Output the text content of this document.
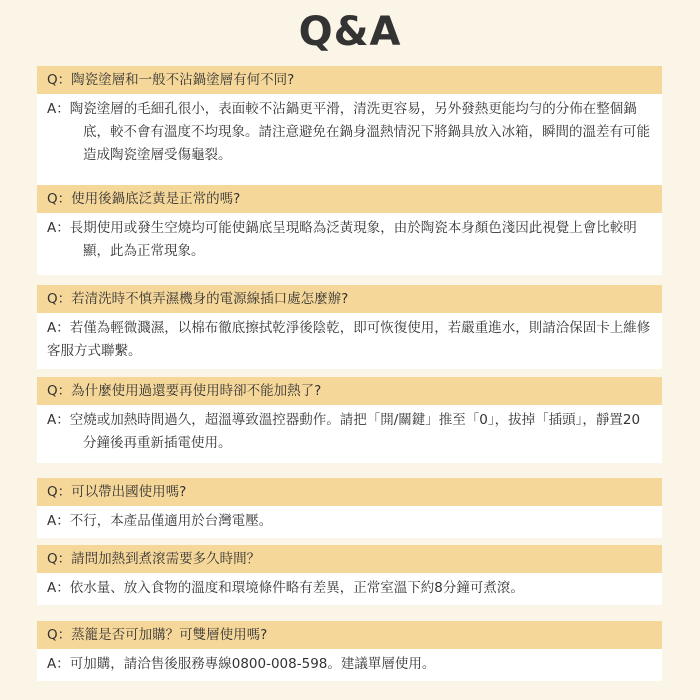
Q&A
Q：陶瓷塗層和一般不沾鍋塗層有何不同?
A：陶瓷塗層的毛細孔很小，表面較不沾鍋更平滑，清洗更容易，另外發熱更能均勻的分佈在整個鍋底，較不會有溫度不均現象。請注意避免在鍋身溫熱情況下將鍋具放入冰箱，瞬間的溫差有可能造成陶瓷塗層受傷龜裂。
Q：使用後鍋底泛黃是正常的嗎?
A：長期使用或發生空燒均可能使鍋底呈現略為泛黃現象，由於陶瓷本身顏色淺因此視覺上會比較明顯，此為正常現象。
Q：若清洗時不慎弄濕機身的電源線插口處怎麼辦?
A：若僅為輕微濺濕，以棉布徹底擦拭乾淨後陰乾，即可恢復使用，若嚴重進水，則請洽保固卡上維修客服方式聯繫。
Q：為什麼使用過還要再使用時卻不能加熱了?
A：空燒或加熱時間過久，超溫導致溫控器動作。請把「開/關鍵」推至「0」，拔掉「插頭」，靜置20分鐘後再重新插電使用。
Q：可以帶出國使用嗎?
A：不行，本產品僅適用於台灣電壓。
Q：請問加熱到煮滾需要多久時間？
A：依水量、放入食物的溫度和環境條件略有差異，正常室溫下約8分鐘可煮滾。
Q：蒸籠是否可加購？可雙層使用嗎?
A：可加購，請洽售後服務專線0800-008-598。建議單層使用。
